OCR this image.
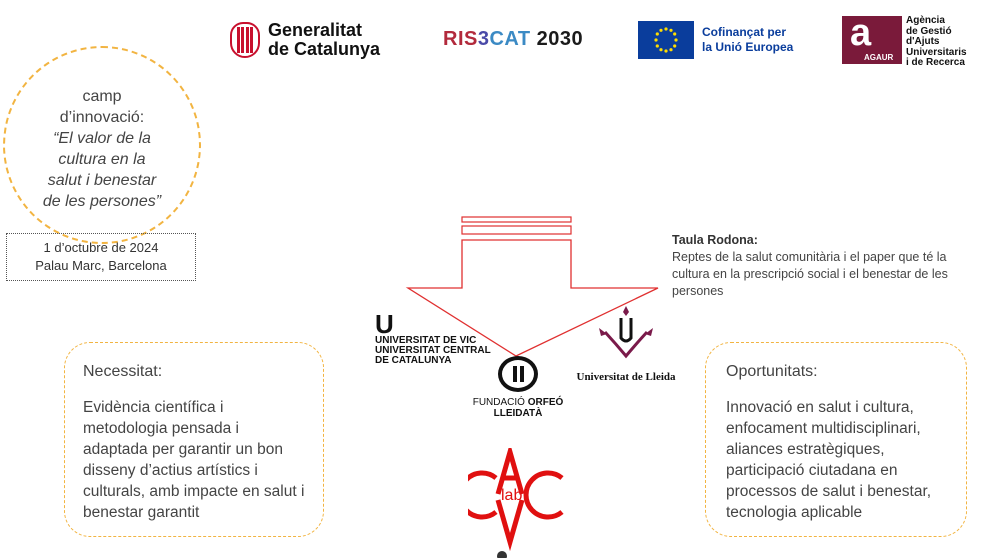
Generalitat
de Catalunya	RIS3CAT 2030	Cofinançat per
la Unió Europea a
AGAUR
Agència
de Gestió
d'Ajuts
Universitaris
i de Recerca
camp
d’innovació:
“El valor de la
cultura en la
salut i benestar
de les persones”
1 d’octubre de 2024
Palau Marc, Barcelona
Taula Rodona:
Reptes de la salut comunitària i el paper que té la cultura en la prescripció social i el benestar de les persones
U
UNIVERSITAT DE VIC
UNIVERSITAT CENTRAL
DE CATALUNYA
Universitat de Lleida
FUNDACIÓ ORFEÓ LLEIDATÀ
Necessitat:
Evidència científica i metodologia pensada i adaptada per garantir un bon disseny d’actius artístics i culturals, amb impacte en salut i benestar garantit
Oportunitats:
Innovació en salut i cultura, enfocament multidisciplinari, aliances estratègiques, participació ciutadana en processos de salut i benestar, tecnologia aplicable
lab
